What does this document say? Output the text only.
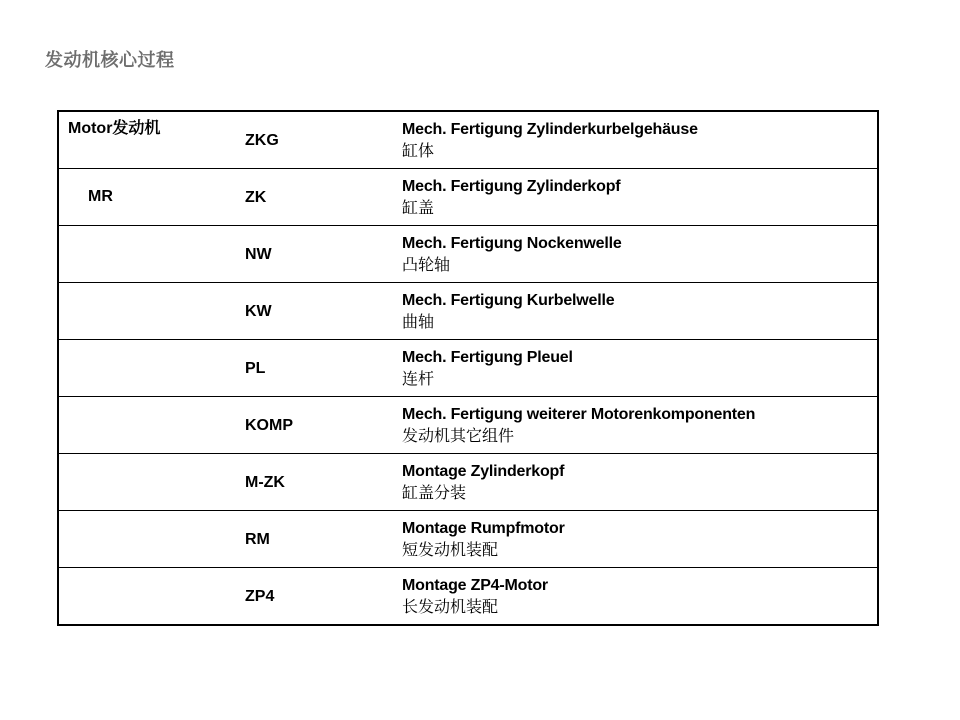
发动机核心过程
Motor发动机	ZKG	Mech. Fertigung Zylinderkurbelgehäuse
缸体

MR	ZK	Mech. Fertigung Zylinderkopf
缸盖

	NW	Mech. Fertigung Nockenwelle
凸轮轴

	KW	Mech. Fertigung Kurbelwelle
曲轴

	PL	Mech. Fertigung Pleuel
连杆

	KOMP	Mech. Fertigung weiterer Motorenkomponenten
发动机其它组件

	M-ZK	Montage Zylinderkopf
缸盖分装

	RM	Montage Rumpfmotor
短发动机装配

	ZP4	Montage ZP4-Motor
长发动机装配
